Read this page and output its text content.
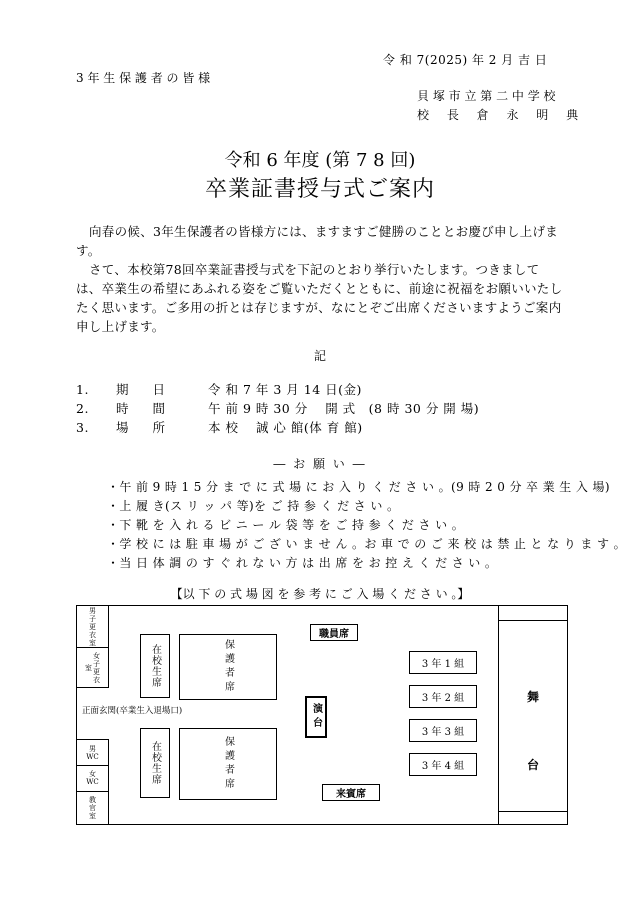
令 和 7(2025) 年 2 月 吉 日
3 年 生 保 護 者 の 皆 様
貝 塚 市 立 第 二 中 学 校
校 長 倉 永 明 典
令和 6 年度 (第 7 8 回)
卒業証書授与式ご案内
向春の候、3年生保護者の皆様方には、ますますご健勝のこととお慶び申し上げます。
さて、本校第78回卒業証書授与式を下記のとおり挙行いたします。つきましては、卒業生の希望にあふれる姿をご覧いただくとともに、前途に祝福をお願いいたしたく思います。ご多用の折とは存じますが、なにとぞご出席くださいますようご案内申し上げます。
記
1. 期 日	令 和 7 年 3 月 14 日(金)
2. 時 間	午 前 9 時 30 分　 開 式　(8 時 30 分 開 場)
3. 場 所	本 校　 誠 心 館(体 育 館)
― お 願 い ―
・午 前 9 時 1 5 分 ま で に 式 場 に お 入 り く だ さ い 。(9 時 2 0 分 卒 業 生 入 場)
・上 履 き(ス リ ッ パ 等)を ご 持 参 く だ さ い 。
・下 靴 を 入 れ る ビ ニ ー ル 袋 等 を ご 持 参 く だ さ い 。
・学 校 に は 駐 車 場 が ご ざ い ま せ ん 。お 車 で の ご 来 校 は 禁 止 と な り ま す 。
・当 日 体 調 の す ぐ れ な い 方 は 出 席 を お 控 え く だ さ い 。
【以 下 の 式 場 図 を 参 考 に ご 入 場 く だ さ い 。】
男子更衣室
女子更衣室
正面玄関(卒業生入退場口)
男 WC
女 WC
教官室
在校生席
在校生席
保護者席
保護者席
職員席
演台
来賓席
3 年 1 組
3 年 2 組
3 年 3 組
3 年 4 組
舞
台
